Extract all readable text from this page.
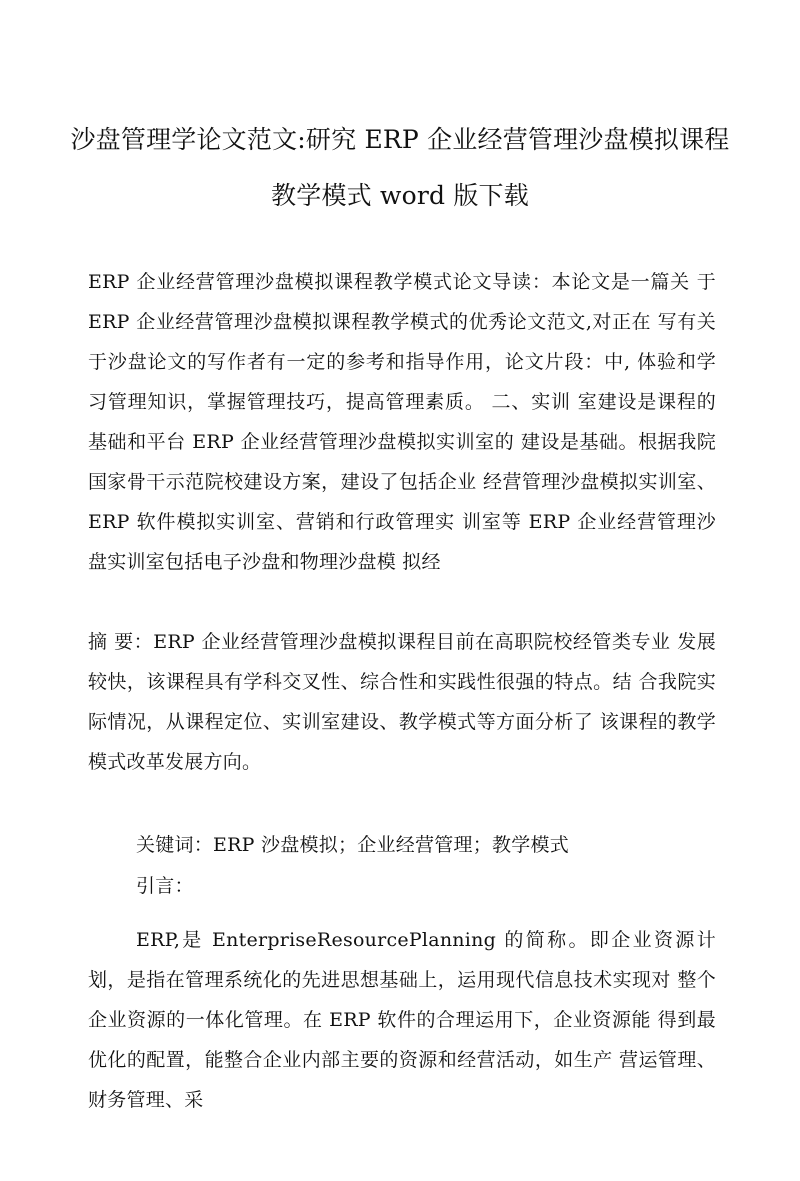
沙盘管理学论文范文:研究 ERP 企业经营管理沙盘模拟课程教学模式 word 版下载

ERP 企业经营管理沙盘模拟课程教学模式论文导读：本论文是一篇关 于 ERP 企业经营管理沙盘模拟课程教学模式的优秀论文范文,对正在 写有关于沙盘论文的写作者有一定的参考和指导作用，论文片段：中, 体验和学习管理知识，掌握管理技巧，提高管理素质。 二、实训 室建设是课程的基础和平台 ERP 企业经营管理沙盘模拟实训室的 建设是基础。根据我院国家骨干示范院校建设方案，建设了包括企业 经营管理沙盘模拟实训室、ERP 软件模拟实训室、营销和行政管理实 训室等 ERP 企业经营管理沙盘实训室包括电子沙盘和物理沙盘模 拟经

摘 要：ERP 企业经营管理沙盘模拟课程目前在高职院校经管类专业 发展较快，该课程具有学科交叉性、综合性和实践性很强的特点。结 合我院实际情况，从课程定位、实训室建设、教学模式等方面分析了 该课程的教学模式改革发展方向。

关键词：ERP 沙盘模拟；企业经营管理；教学模式

引言：

ERP,是 EnterpriseResourcePlanning 的简称。即企业资源计 划，是指在管理系统化的先进思想基础上，运用现代信息技术实现对 整个企业资源的一体化管理。在 ERP 软件的合理运用下，企业资源能 得到最优化的配置，能整合企业内部主要的资源和经营活动，如生产 营运管理、财务管理、采
